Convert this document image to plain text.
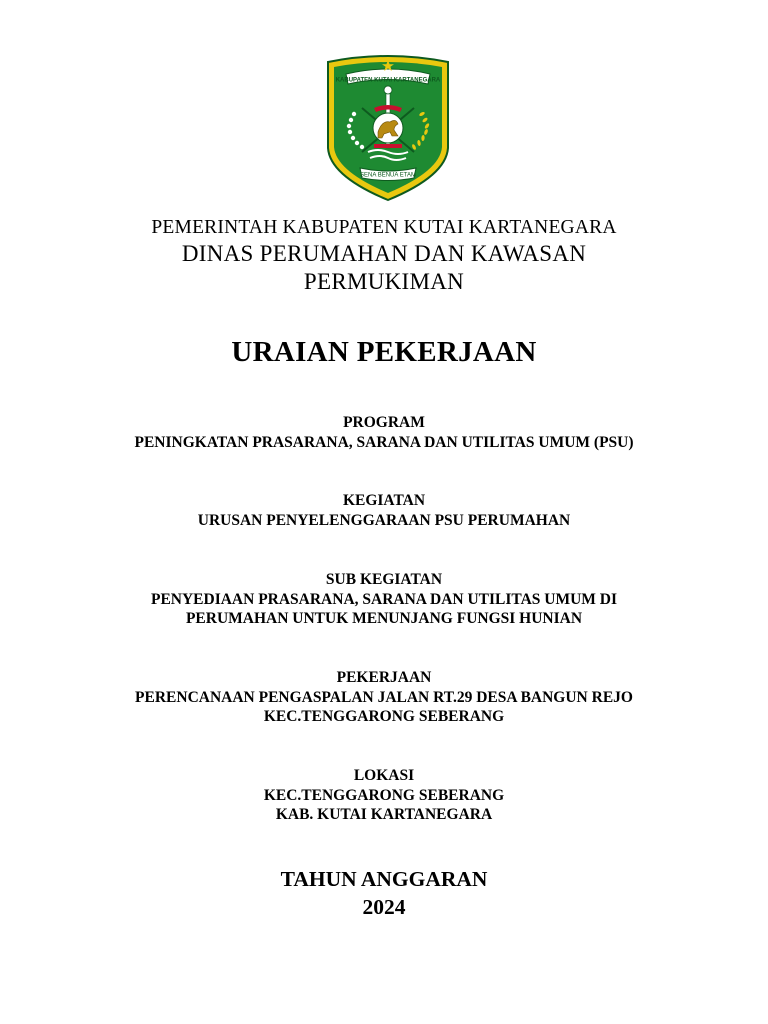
KABUPATEN KUTAI KARTANEGARA
SENA BENUA ETAM
PEMERINTAH KABUPATEN KUTAI KARTANEGARA
DINAS PERUMAHAN DAN KAWASAN
PERMUKIMAN
URAIAN PEKERJAAN
PROGRAM
PENINGKATAN PRASARANA, SARANA DAN UTILITAS UMUM (PSU)
KEGIATAN
URUSAN PENYELENGGARAAN PSU PERUMAHAN
SUB KEGIATAN
PENYEDIAAN PRASARANA, SARANA DAN UTILITAS UMUM DI
PERUMAHAN UNTUK MENUNJANG FUNGSI HUNIAN
PEKERJAAN
PERENCANAAN PENGASPALAN JALAN RT.29 DESA BANGUN REJO
KEC.TENGGARONG SEBERANG
LOKASI
KEC.TENGGARONG SEBERANG
KAB. KUTAI KARTANEGARA
TAHUN ANGGARAN
2024
